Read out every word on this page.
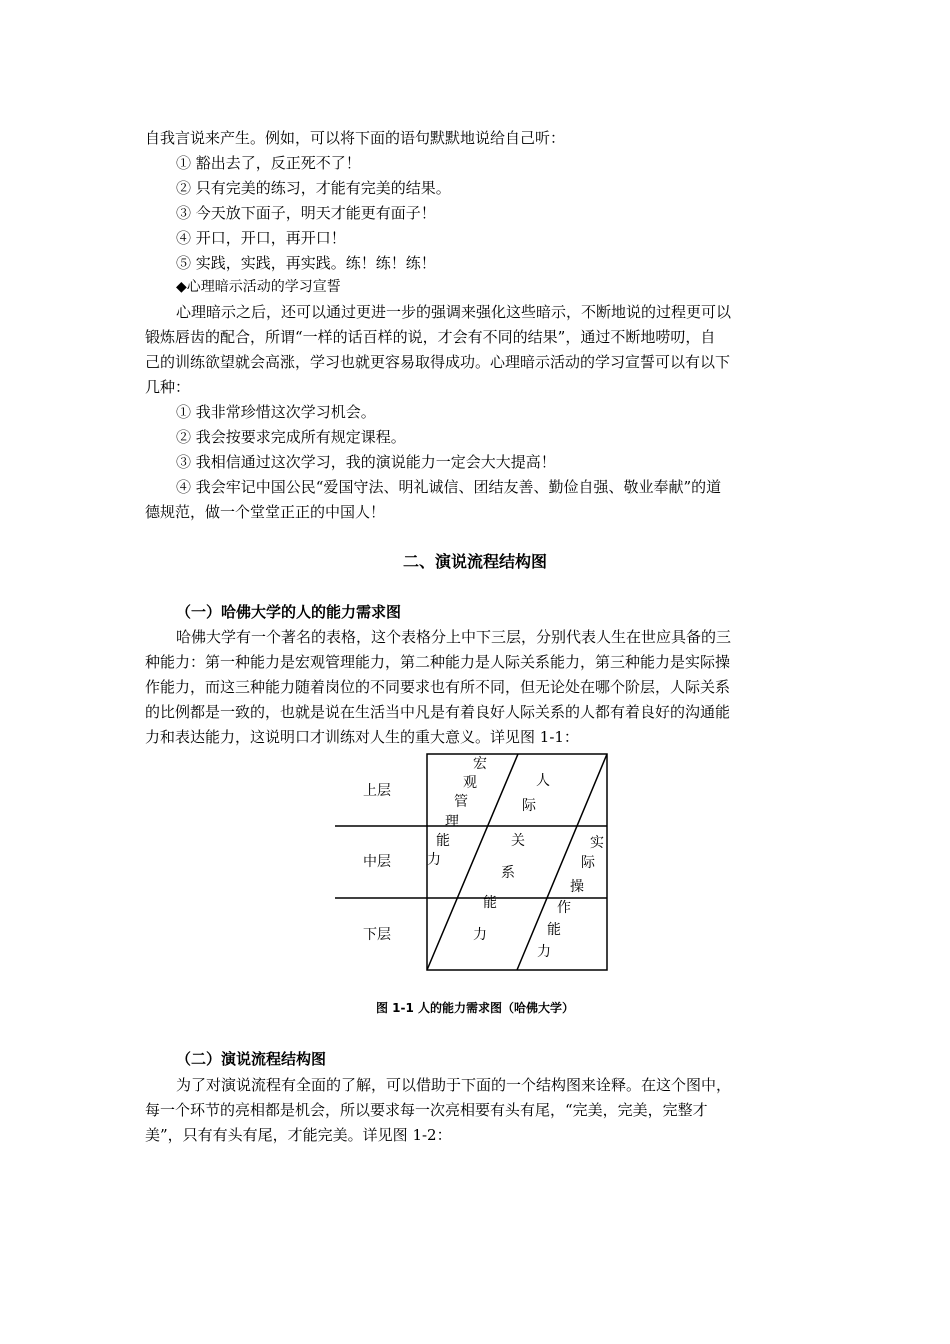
自我言说来产生。例如，可以将下面的语句默默地说给自己听：
① 豁出去了，反正死不了！
② 只有完美的练习，才能有完美的结果。
③ 今天放下面子，明天才能更有面子！
④ 开口，开口，再开口！
⑤ 实践，实践，再实践。练！练！练！
◆心理暗示活动的学习宣誓
心理暗示之后，还可以通过更进一步的强调来强化这些暗示，不断地说的过程更可以
锻炼唇齿的配合，所谓“一样的话百样的说，才会有不同的结果”，通过不断地唠叨，自
己的训练欲望就会高涨，学习也就更容易取得成功。心理暗示活动的学习宣誓可以有以下
几种：
① 我非常珍惜这次学习机会。
② 我会按要求完成所有规定课程。
③ 我相信通过这次学习，我的演说能力一定会大大提高！
④ 我会牢记中国公民“爱国守法、明礼诚信、团结友善、勤俭自强、敬业奉献”的道
德规范，做一个堂堂正正的中国人！
二、演说流程结构图
（一）哈佛大学的人的能力需求图
哈佛大学有一个著名的表格，这个表格分上中下三层，分别代表人生在世应具备的三
种能力：第一种能力是宏观管理能力，第二种能力是人际关系能力，第三种能力是实际操
作能力，而这三种能力随着岗位的不同要求也有所不同，但无论处在哪个阶层，人际关系
的比例都是一致的，也就是说在生活当中凡是有着良好人际关系的人都有着良好的沟通能
力和表达能力，这说明口才训练对人生的重大意义。详见图 1-1：
上层
中层
下层
宏
观
管
理
能
力
人
际
关
系
能
力
实
际
操
作
能
力
图 1-1 人的能力需求图（哈佛大学）
（二）演说流程结构图
为了对演说流程有全面的了解，可以借助于下面的一个结构图来诠释。在这个图中，
每一个环节的亮相都是机会，所以要求每一次亮相要有头有尾，“完美，完美，完整才
美”，只有有头有尾，才能完美。详见图 1-2：
